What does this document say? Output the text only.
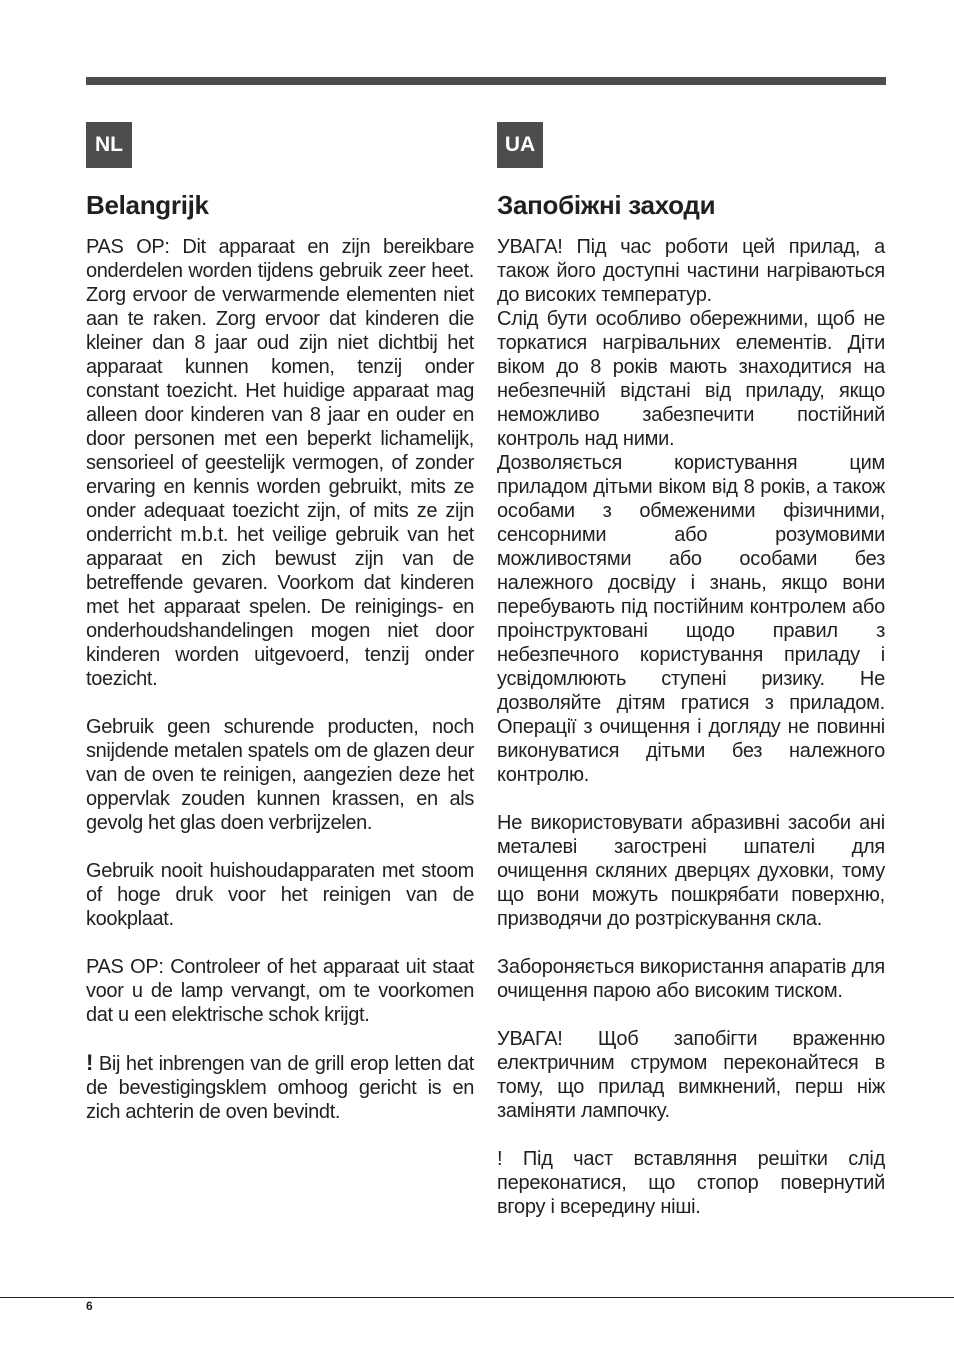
NL
Belangrijk

PAS OP: Dit apparaat en zijn bereikbare onderdelen worden tijdens gebruik zeer heet. Zorg ervoor de verwarmende elementen niet aan te raken. Zorg ervoor dat kinderen die kleiner dan 8 jaar oud zijn niet dichtbij het apparaat kunnen komen, tenzij onder constant toezicht. Het huidige apparaat mag alleen door kinderen van 8 jaar en ouder en door personen met een beperkt lichamelijk, sensorieel of geestelijk vermogen, of zonder ervaring en kennis worden gebruikt, mits ze onder adequaat toezicht zijn, of mits ze zijn onderricht m.b.t. het veilige gebruik van het apparaat en zich bewust zijn van de betreffende gevaren. Voorkom dat kinderen met het apparaat spelen. De reinigings- en onderhoudshandelingen mogen niet door kinderen worden uitgevoerd, tenzij onder toezicht.

Gebruik geen schurende producten, noch snijdende metalen spatels om de glazen deur van de oven te reinigen, aangezien deze het oppervlak zouden kunnen krassen, en als gevolg het glas doen verbrijzelen.

Gebruik nooit huishoudapparaten met stoom of hoge druk voor het reinigen van de kookplaat.

PAS OP: Controleer of het apparaat uit staat voor u de lamp vervangt, om te voorkomen dat u een elektrische schok krijgt.

! Bij het inbrengen van de grill erop letten dat de bevestigingsklem omhoog gericht is en zich achterin de oven bevindt.

UA
Запобіжні заходи

УВАГА! Під час роботи цей прилад, а також його доступні частини нагріваються до високих температур.

Слід бути особливо обережними, щоб не торкатися нагрівальних елементів. Діти віком до 8 років мають знаходитися на небезпечній відстані від приладу, якщо неможливо забезпечити постійний контроль над ними.

Дозволяється користування цим приладом дітьми віком від 8 років, а також особами з обмеженими фізичними, сенсорними або розумовими можливостями або особами без належного досвіду і знань, якщо вони перебувають під постійним контролем або проінструктовані щодо правил з небезпечного користування приладу і усвідомлюють ступені ризику. Не дозволяйте дітям гратися з приладом. Операції з очищення і догляду не повинні виконуватися дітьми без належного контролю.

Не використовувати абразивні засоби ані металеві загострені шпателі для очищення скляних дверцях духовки, тому що вони можуть пошкрябати поверхню, призводячи до розтріскування скла.

Забороняється використання апаратів для очищення парою або високим тиском.

УВАГА! Щоб запобігти враженню електричним струмом переконайтеся в тому, що прилад вимкнений, перш ніж заміняти лампочку.

! Під част вставляння решітки слід переконатися, що стопор повернутий вгору і всередину ніші.

6
